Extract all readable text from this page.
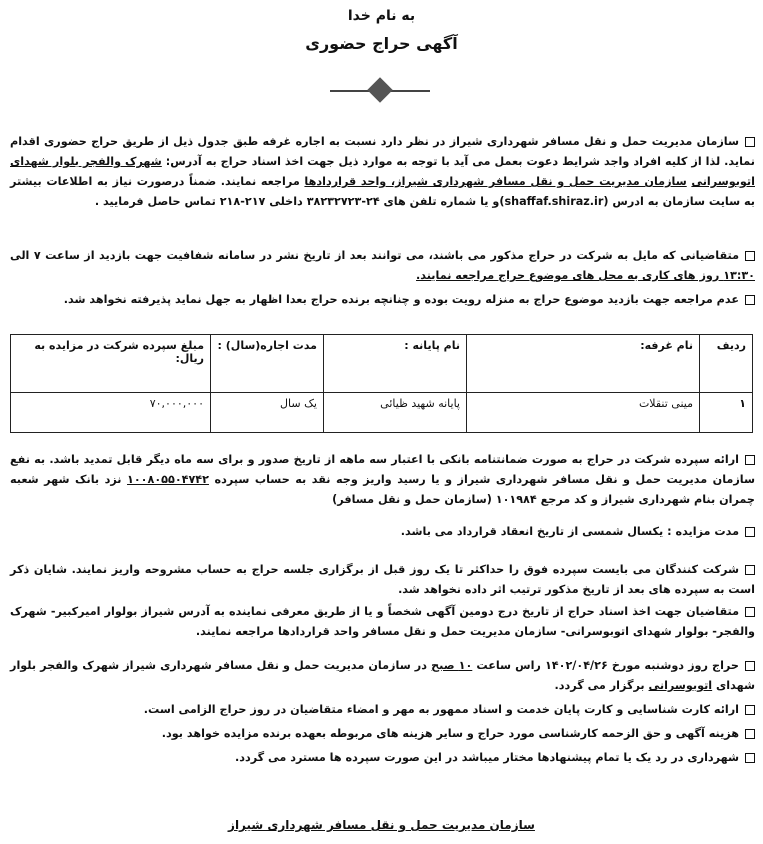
به نام خدا
آگهی حراج حضوری
سازمان مدیریت حمل و نقل مسافر شهرداری شیراز در نظر دارد نسبت به اجاره غرفه طبق جدول ذیل از طریق حراج حضوری اقدام نماید. لذا از کلیه افراد واجد شرایط دعوت بعمل می آید با توجه به موارد ذیل جهت اخذ اسناد حراج به آدرس: شهرک والفجر بلوار شهدای اتوبوسرانی سازمان مدیریت حمل و نقل مسافر شهرداری شیراز، واحد قراردادها مراجعه نمایند. ضمناً درصورت نیاز به اطلاعات بیشتر به سایت سازمان به ادرس (shaffaf.shiraz.ir)و یا شماره تلفن های ۲۴-۳۸۲۳۲۷۲۳ داخلی ۲۱۷-۲۱۸ تماس حاصل فرمایید .
متقاضیانی که مایل به شرکت در حراج مذکور می باشند، می توانند بعد از تاریخ نشر در سامانه شفافیت جهت بازدید از ساعت ۷ الی ۱۳:۳۰ روز های کاری به محل های موضوع حراج مراجعه نمایند.
عدم مراجعه جهت بازدید موضوع حراج به منزله رویت بوده و چنانچه برنده حراج بعدا اظهار به جهل نماید پذیرفته نخواهد شد.
ردیف	نام غرفه:	نام پایانه :	مدت اجاره(سال) :	مبلغ سپرده شرکت در مزایده به ریال:
۱	مینی تنقلات	پایانه شهید ظیائی	یک سال	۷۰,۰۰۰,۰۰۰
ارائه سپرده شرکت در حراج به صورت ضمانتنامه بانکی با اعتبار سه ماهه از تاریخ صدور و برای سه ماه دیگر قابل تمدید باشد. به نفع سازمان مدیریت حمل و نقل مسافر شهرداری شیراز و یا رسید واریز وجه نقد به حساب سپرده ۱۰۰۸۰۵۵۰۴۷۴۲ نزد بانک شهر شعبه چمران بنام شهرداری شیراز و کد مرجع ۱۰۱۹۸۴ (سازمان حمل و نقل مسافر)
مدت مزایده : یکسال شمسی از تاریخ انعقاد قرارداد می باشد.
شرکت کنندگان می بایست سپرده فوق را حداکثر تا یک روز قبل از برگزاری جلسه حراج به حساب مشروحه واریز نمایند. شایان ذکر است به سپرده های بعد از تاریخ مذکور ترتیب اثر داده نخواهد شد.
متقاضیان جهت اخذ اسناد حراج از تاریخ درج دومین آگهی شخصاً و یا از طریق معرفی نماینده به آدرس شیراز بولوار امیرکبیر- شهرک والفجر- بولوار شهدای اتوبوسرانی- سازمان مدیریت حمل و نقل مسافر واحد قراردادها مراجعه نمایند.
حراج روز دوشنبه مورخ ۱۴۰۲/۰۴/۲۶ راس ساعت ۱۰ صبح در سازمان مدیریت حمل و نقل مسافر شهرداری شیراز شهرک والفجر بلوار شهدای اتوبوسرانی برگزار می گردد.
ارائه کارت شناسایی و کارت پایان خدمت و اسناد ممهور به مهر و امضاء متقاضیان در روز حراج الزامی است.
هزینه آگهی و حق الزحمه کارشناسی مورد حراج و سایر هزینه های مربوطه بعهده برنده مزایده خواهد بود.
شهرداری در رد یک یا تمام پیشنهادها مختار میباشد در این صورت سپرده ها مسترد می گردد.
سازمان مدیریت حمل و نقل مسافر شهرداری شیراز
